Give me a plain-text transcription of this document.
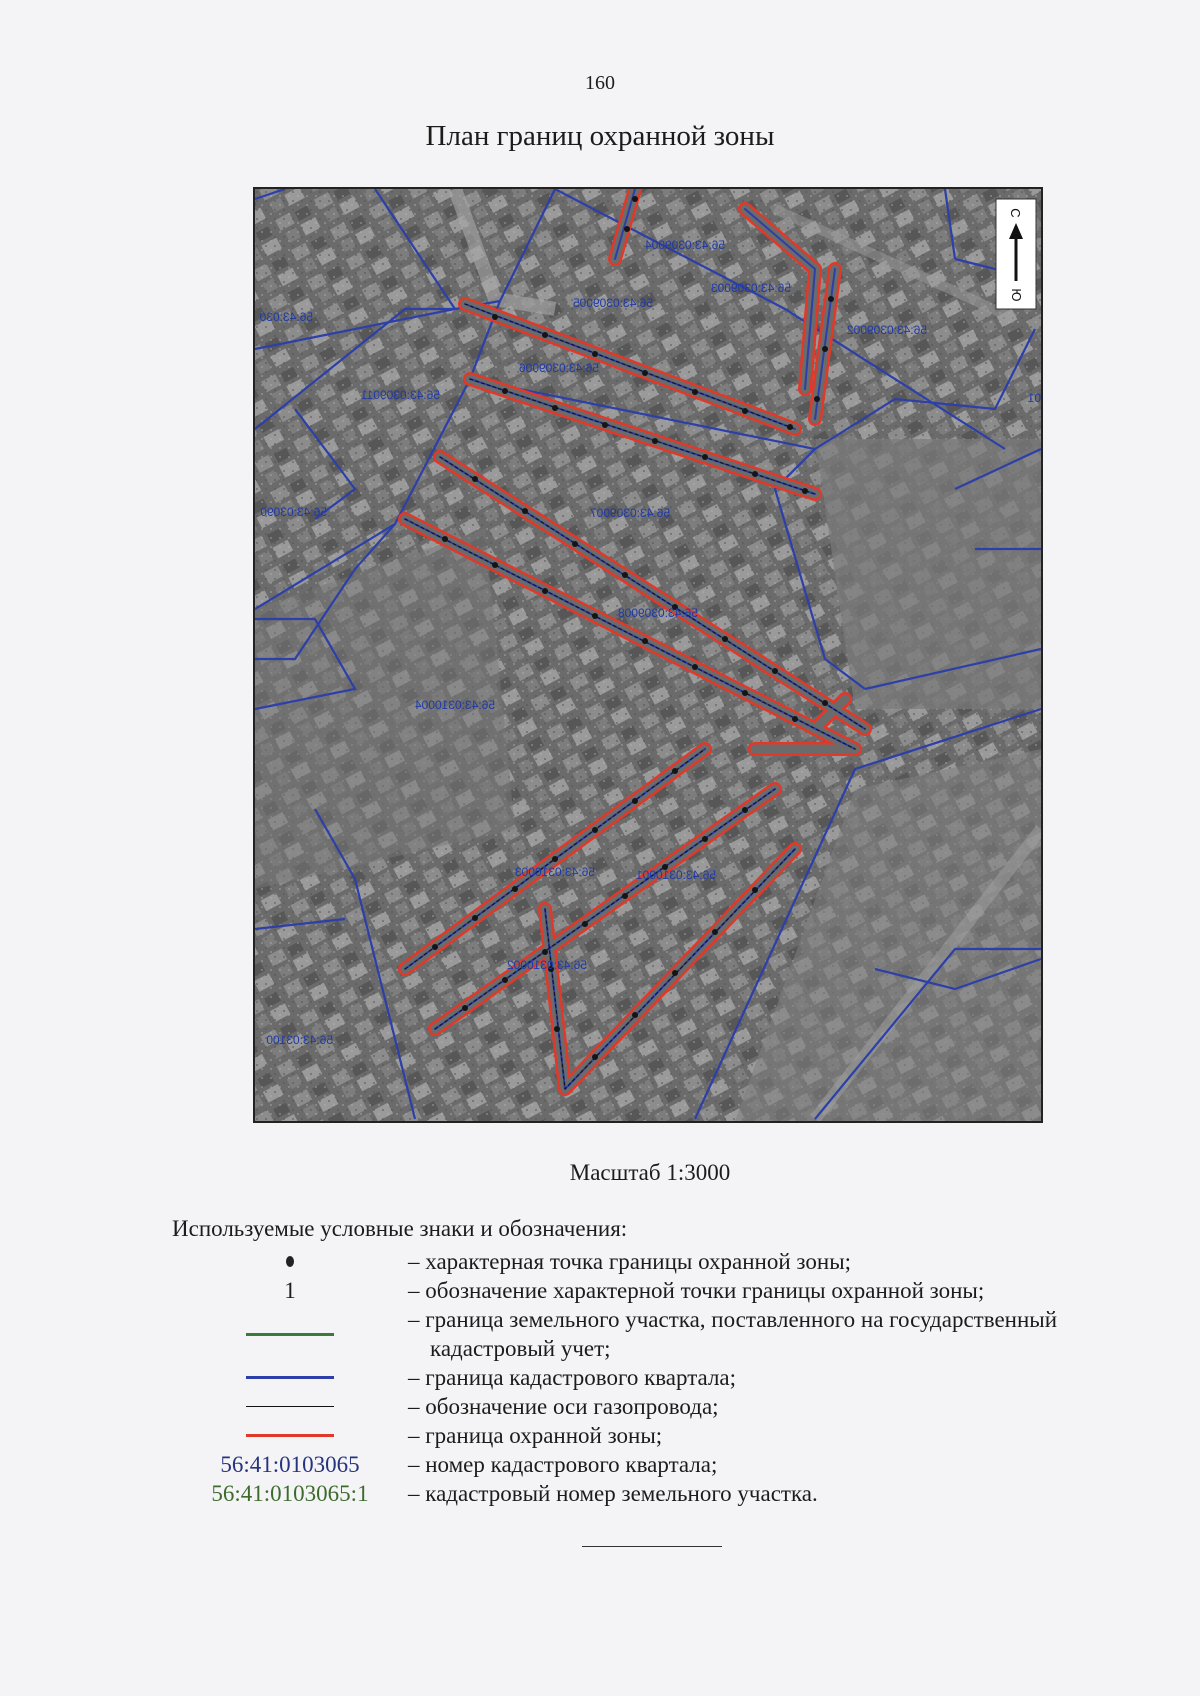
160
План границ охранной зоны
56:43:0309004
56:43:0309003
56:43:0309005
56:43:0309002
56:43:0309006
56:43:0309011
56:43:0309007
56:43:0309008
56:43:0310004
56:43:0310003	56:43:0310001
56:43:0310002
56:43:030
56:43:03090
56:43:03100
01
С
Ю
Масштаб 1:3000
Используемые условные знаки и обозначения:
– характерная точка границы охранной зоны;
1	– обозначение характерной точки границы охранной зоны;
– граница земельного участка, поставленного на государственный
кадастровый учет;
– граница кадастрового квартала;
– обозначение оси газопровода;
– граница охранной зоны;
56:41:0103065 – номер кадастрового квартала;
56:41:0103065:1 – кадастровый номер земельного участка.
